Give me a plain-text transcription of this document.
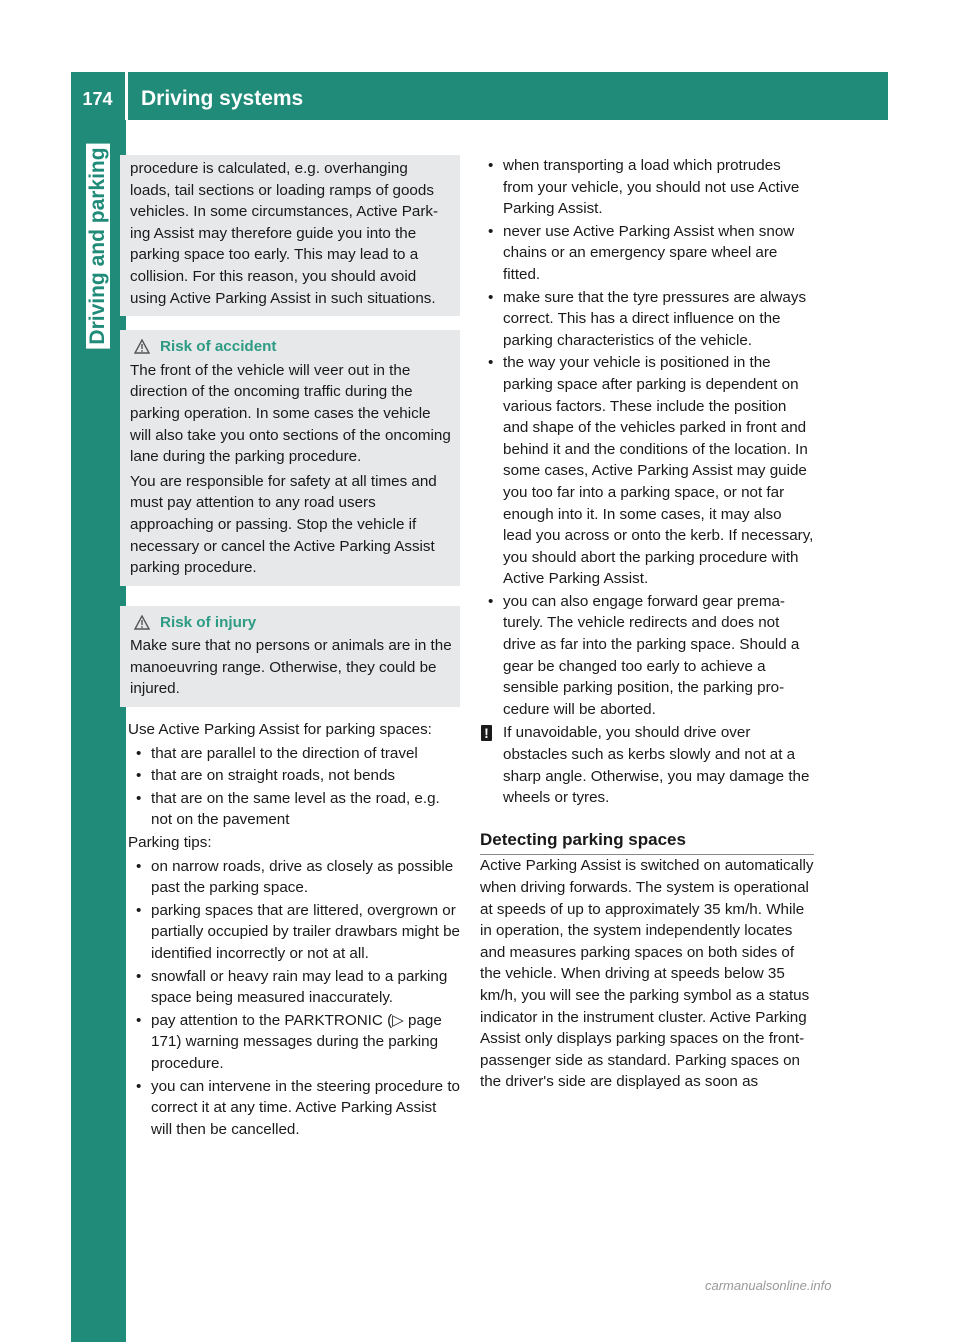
174	Driving systems
Driving and parking procedure is calculated, e.g. overhanging loads, tail sections or loading ramps of goods vehicles. In some circumstances, Active Parking Assist may therefore guide you into the parking space too early. This may lead to a collision. For this reason, you should avoid using Active Parking Assist in such situations.

Risk of accident

The front of the vehicle will veer out in the direction of the oncoming traffic during the parking operation. In some cases the vehicle will also take you onto sections of the oncoming lane during the parking procedure.

You are responsible for safety at all times and must pay attention to any road users approaching or passing. Stop the vehicle if necessary or cancel the Active Parking Assist parking procedure.

Risk of injury

Make sure that no persons or animals are in the manoeuvring range. Otherwise, they could be injured.

Use Active Parking Assist for parking spaces:

• that are parallel to the direction of travel
• that are on straight roads, not bends
• that are on the same level as the road, e.g. not on the pavement

Parking tips:

• on narrow roads, drive as closely as possible past the parking space.
• parking spaces that are littered, overgrown or partially occupied by trailer drawbars might be identified incorrectly or not at all.
• snowfall or heavy rain may lead to a parking space being measured inaccurately.
• pay attention to the PARKTRONIC (▷ page 171) warning messages during the parking procedure.
• you can intervene in the steering procedure to correct it at any time. Active Parking Assist will then be cancelled.
• when transporting a load which protrudes from your vehicle, you should not use Active Parking Assist.
• never use Active Parking Assist when snow chains or an emergency spare wheel are fitted.
• make sure that the tyre pressures are always correct. This has a direct influence on the parking characteristics of the vehicle.
• the way your vehicle is positioned in the parking space after parking is dependent on various factors. These include the position and shape of the vehicles parked in front and behind it and the conditions of the location. In some cases, Active Parking Assist may guide you too far into a parking space, or not far enough into it. In some cases, it may also lead you across or onto the kerb. If necessary, you should abort the parking procedure with Active Parking Assist.
• you can also engage forward gear prematurely. The vehicle redirects and does not drive as far into the parking space. Should a gear be changed too early to achieve a sensible parking position, the parking procedure will be aborted.
! If unavoidable, you should drive over obstacles such as kerbs slowly and not at a sharp angle. Otherwise, you may damage the wheels or tyres.
Detecting parking spaces

Active Parking Assist is switched on automatically when driving forwards. The system is operational at speeds of up to approximately 35 km/h. While in operation, the system independently locates and measures parking spaces on both sides of the vehicle. When driving at speeds below 35 km/h, you will see the parking symbol as a status indicator in the instrument cluster. Active Parking Assist only displays parking spaces on the front-passenger side as standard. Parking spaces on the driver's side are displayed as soon as

carmanualsonline.info
